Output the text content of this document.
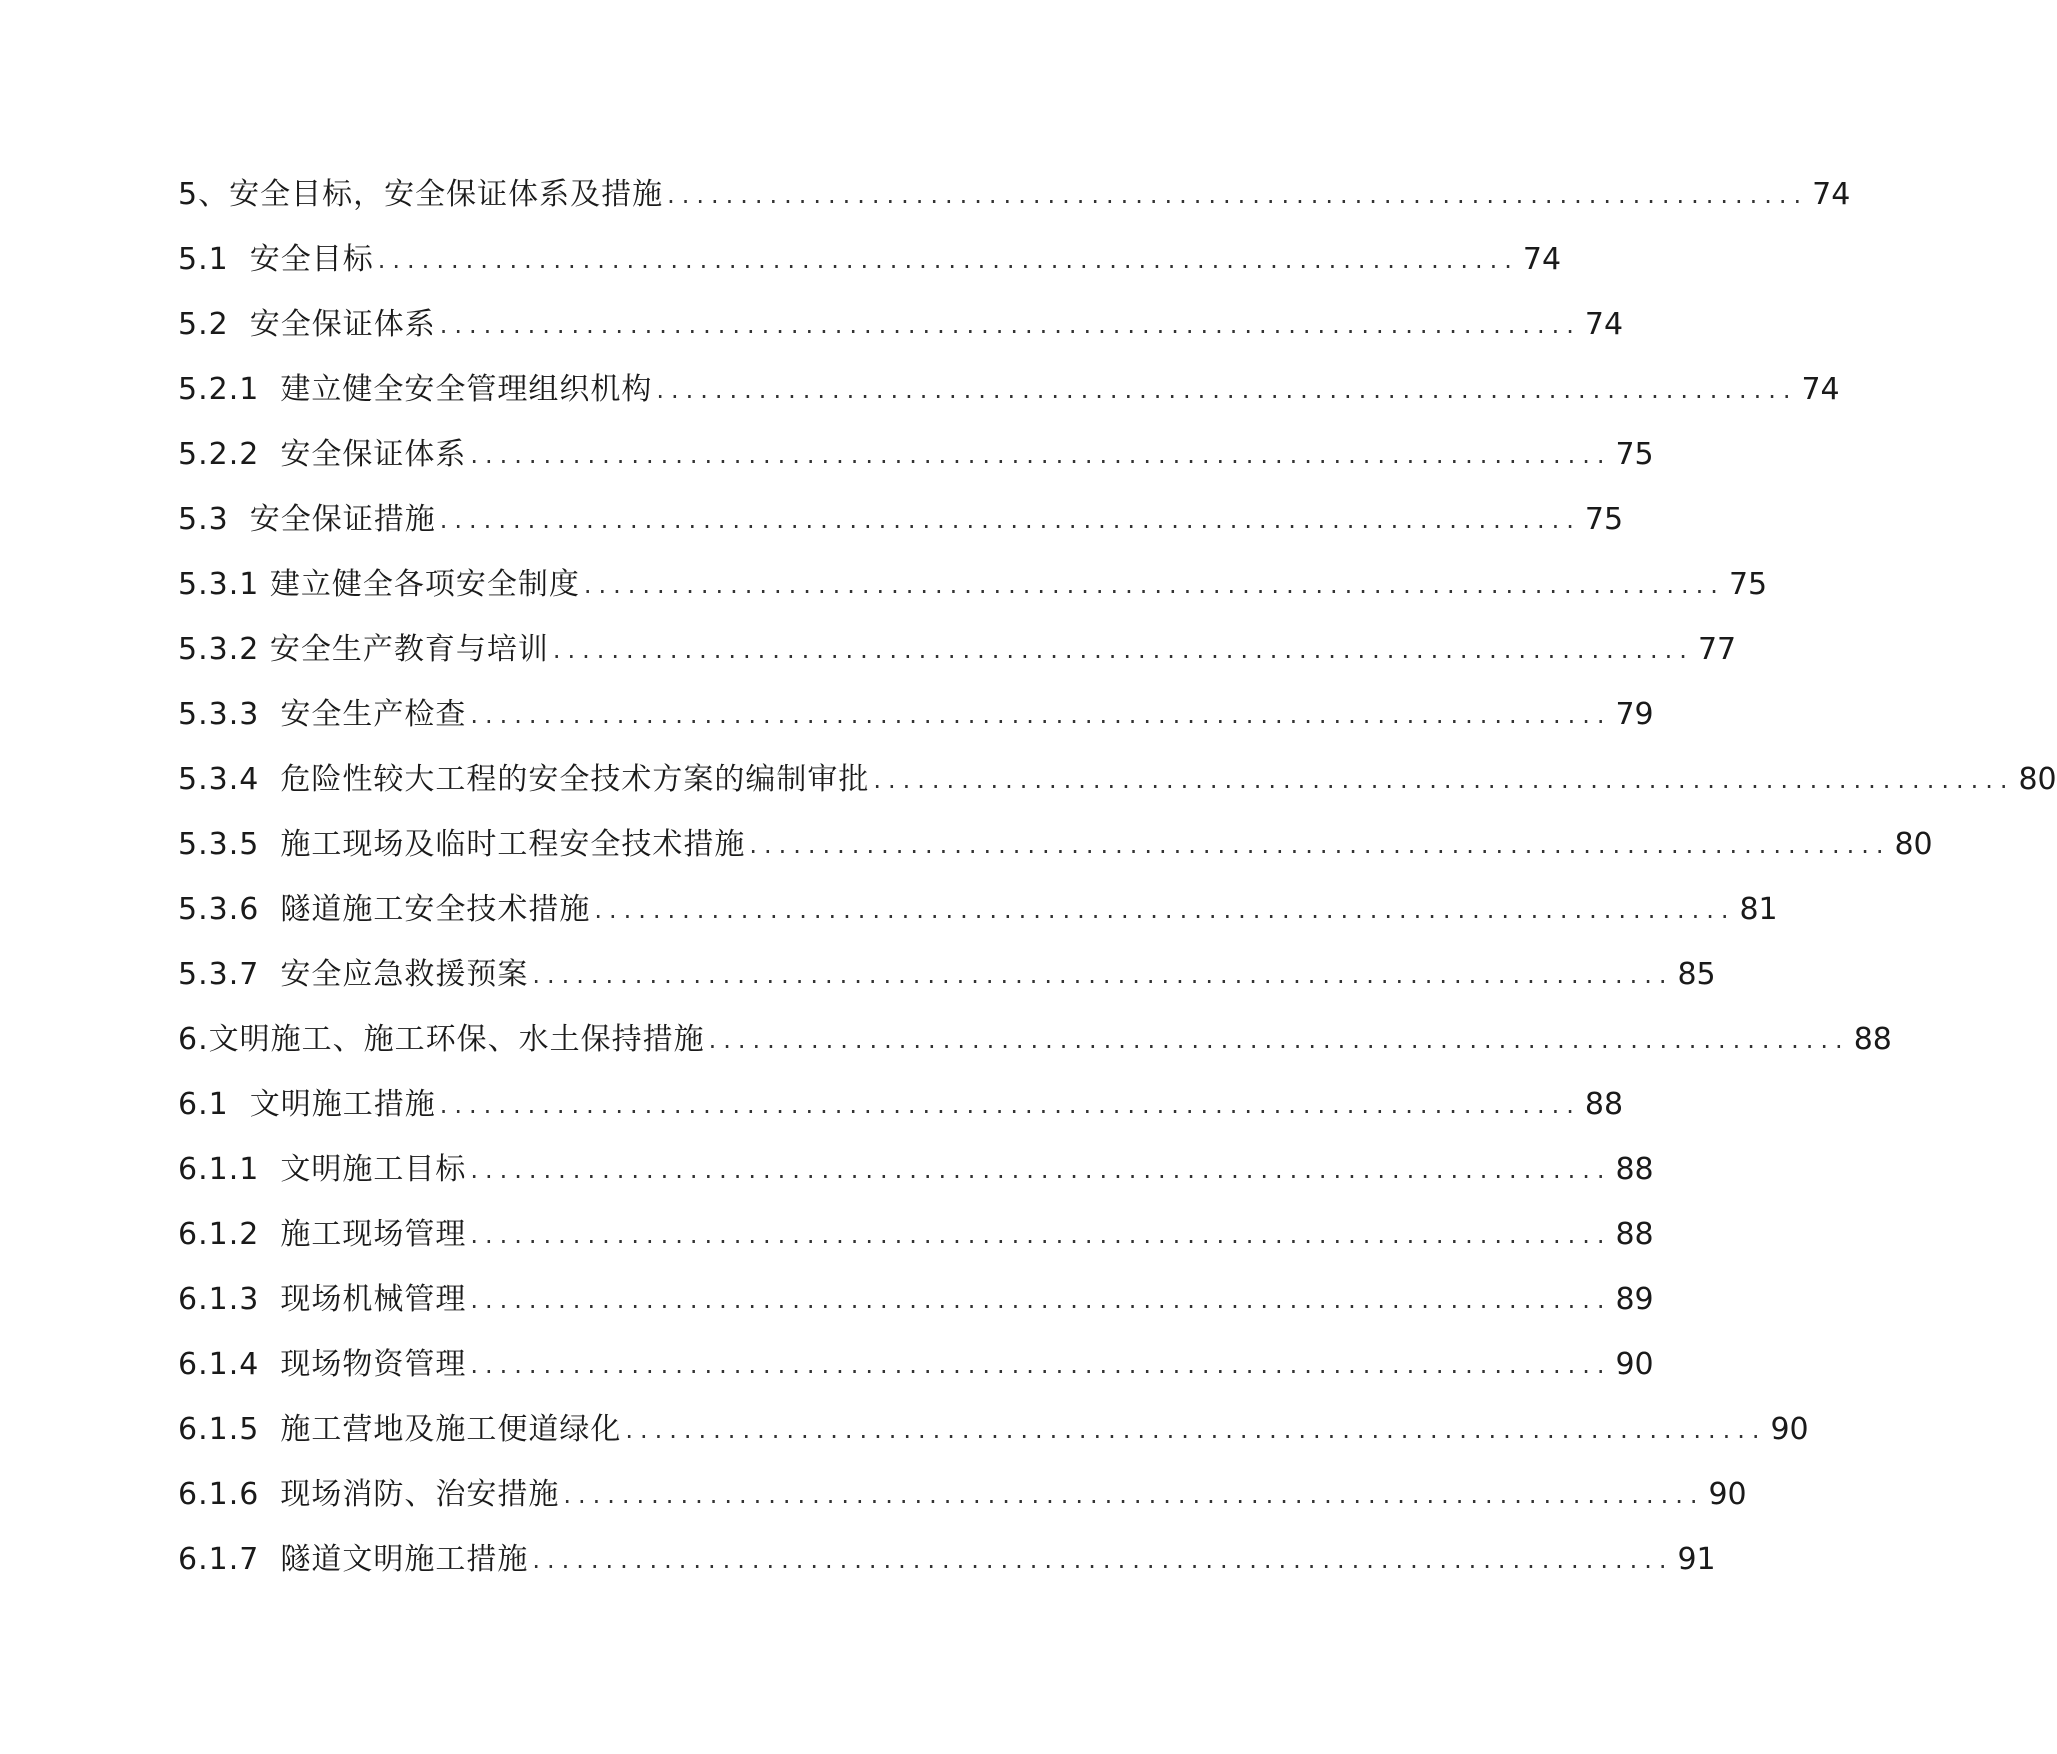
5、安全目标，安全保证体系及措施 .............................................................................. 74
5.1  安全目标 .............................................................................. 74
5.2  安全保证体系 .............................................................................. 74
5.2.1  建立健全安全管理组织机构 .............................................................................. 74
5.2.2  安全保证体系 .............................................................................. 75
5.3  安全保证措施 .............................................................................. 75
5.3.1 建立健全各项安全制度 .............................................................................. 75
5.3.2 安全生产教育与培训 .............................................................................. 77
5.3.3  安全生产检查 .............................................................................. 79
5.3.4  危险性较大工程的安全技术方案的编制审批 .............................................................................. 80
5.3.5  施工现场及临时工程安全技术措施 .............................................................................. 80
5.3.6  隧道施工安全技术措施 .............................................................................. 81
5.3.7  安全应急救援预案 .............................................................................. 85
6.文明施工、施工环保、水土保持措施 .............................................................................. 88
6.1  文明施工措施 .............................................................................. 88
6.1.1  文明施工目标 .............................................................................. 88
6.1.2  施工现场管理 .............................................................................. 88
6.1.3  现场机械管理 .............................................................................. 89
6.1.4  现场物资管理 .............................................................................. 90
6.1.5  施工营地及施工便道绿化 .............................................................................. 90
6.1.6  现场消防、治安措施 .............................................................................. 90
6.1.7  隧道文明施工措施 .............................................................................. 91
